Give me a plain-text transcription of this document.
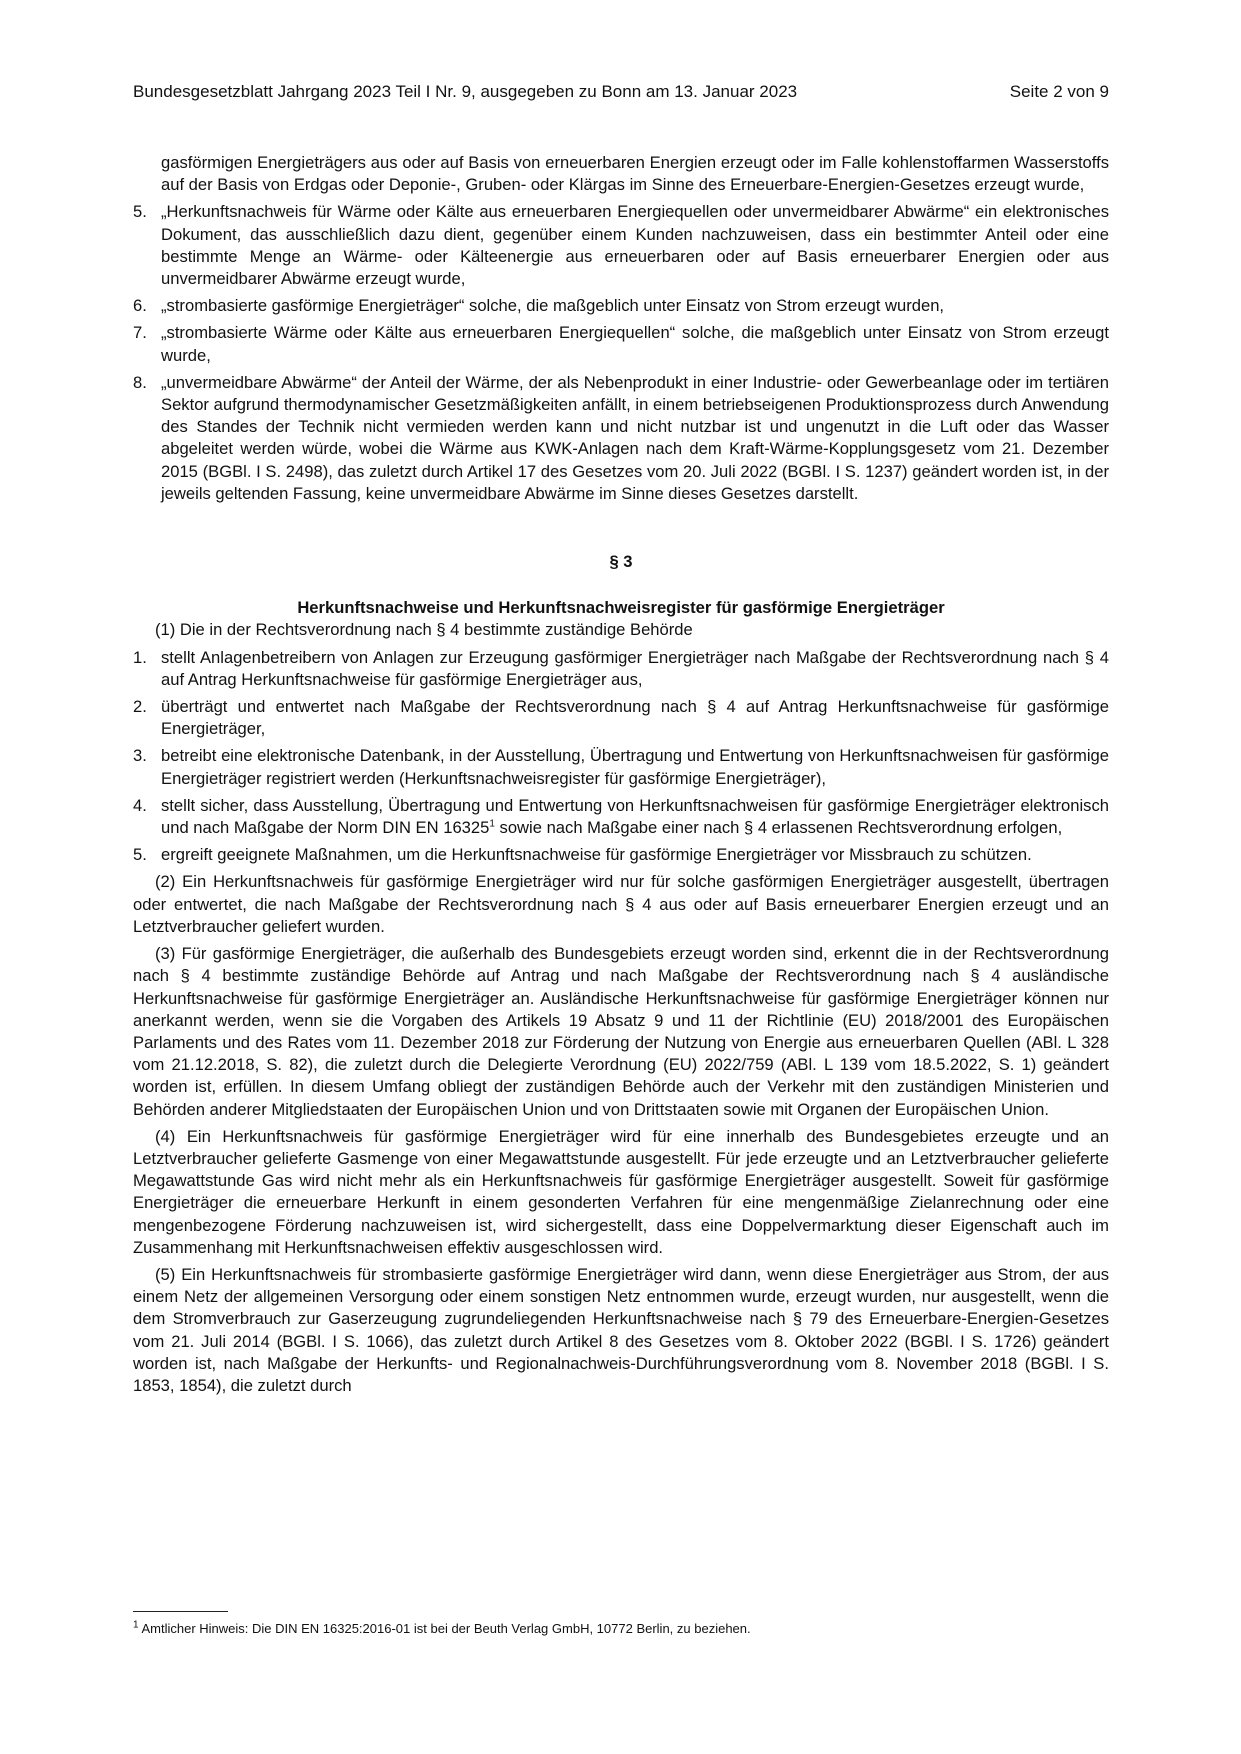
Bundesgesetzblatt Jahrgang 2023 Teil I Nr. 9, ausgegeben zu Bonn am 13. Januar 2023	Seite 2 von 9

gasförmigen Energieträgers aus oder auf Basis von erneuerbaren Energien erzeugt oder im Falle kohlenstoffarmen Wasserstoffs auf der Basis von Erdgas oder Deponie-, Gruben- oder Klärgas im Sinne des Erneuerbare-Energien-Gesetzes erzeugt wurde,

5. „Herkunftsnachweis für Wärme oder Kälte aus erneuerbaren Energiequellen oder unvermeidbarer Abwärme“ ein elektronisches Dokument, das ausschließlich dazu dient, gegenüber einem Kunden nachzuweisen, dass ein bestimmter Anteil oder eine bestimmte Menge an Wärme- oder Kälteenergie aus erneuerbaren oder auf Basis erneuerbarer Energien oder aus unvermeidbarer Abwärme erzeugt wurde,
6. „strombasierte gasförmige Energieträger“ solche, die maßgeblich unter Einsatz von Strom erzeugt wurden,
7. „strombasierte Wärme oder Kälte aus erneuerbaren Energiequellen“ solche, die maßgeblich unter Einsatz von Strom erzeugt wurde,
8. „unvermeidbare Abwärme“ der Anteil der Wärme, der als Nebenprodukt in einer Industrie- oder Gewerbeanlage oder im tertiären Sektor aufgrund thermodynamischer Gesetzmäßigkeiten anfällt, in einem betriebseigenen Produktionsprozess durch Anwendung des Standes der Technik nicht vermieden werden kann und nicht nutzbar ist und ungenutzt in die Luft oder das Wasser abgeleitet werden würde, wobei die Wärme aus KWK-Anlagen nach dem Kraft-Wärme-Kopplungsgesetz vom 21. Dezember 2015 (BGBl. I S. 2498), das zuletzt durch Artikel 17 des Gesetzes vom 20. Juli 2022 (BGBl. I S. 1237) geändert worden ist, in der jeweils geltenden Fassung, keine unvermeidbare Abwärme im Sinne dieses Gesetzes darstellt.
§ 3
Herkunftsnachweise und Herkunftsnachweisregister für gasförmige Energieträger

(1) Die in der Rechtsverordnung nach § 4 bestimmte zuständige Behörde

1. stellt Anlagenbetreibern von Anlagen zur Erzeugung gasförmiger Energieträger nach Maßgabe der Rechtsverordnung nach § 4 auf Antrag Herkunftsnachweise für gasförmige Energieträger aus,
2. überträgt und entwertet nach Maßgabe der Rechtsverordnung nach § 4 auf Antrag Herkunftsnachweise für gasförmige Energieträger,
3. betreibt eine elektronische Datenbank, in der Ausstellung, Übertragung und Entwertung von Herkunftsnachweisen für gasförmige Energieträger registriert werden (Herkunftsnachweisregister für gasförmige Energieträger),
4. stellt sicher, dass Ausstellung, Übertragung und Entwertung von Herkunftsnachweisen für gasförmige Energieträger elektronisch und nach Maßgabe der Norm DIN EN 16325$^1$ sowie nach Maßgabe einer nach § 4 erlassenen Rechtsverordnung erfolgen,
5. ergreift geeignete Maßnahmen, um die Herkunftsnachweise für gasförmige Energieträger vor Missbrauch zu schützen.

(2) Ein Herkunftsnachweis für gasförmige Energieträger wird nur für solche gasförmigen Energieträger ausgestellt, übertragen oder entwertet, die nach Maßgabe der Rechtsverordnung nach § 4 aus oder auf Basis erneuerbarer Energien erzeugt und an Letztverbraucher geliefert wurden.

(3) Für gasförmige Energieträger, die außerhalb des Bundesgebiets erzeugt worden sind, erkennt die in der Rechtsverordnung nach § 4 bestimmte zuständige Behörde auf Antrag und nach Maßgabe der Rechtsverordnung nach § 4 ausländische Herkunftsnachweise für gasförmige Energieträger an. Ausländische Herkunftsnachweise für gasförmige Energieträger können nur anerkannt werden, wenn sie die Vorgaben des Artikels 19 Absatz 9 und 11 der Richtlinie (EU) 2018/2001 des Europäischen Parlaments und des Rates vom 11. Dezember 2018 zur Förderung der Nutzung von Energie aus erneuerbaren Quellen (ABl. L 328 vom 21.12.2018, S. 82), die zuletzt durch die Delegierte Verordnung (EU) 2022/759 (ABl. L 139 vom 18.5.2022, S. 1) geändert worden ist, erfüllen. In diesem Umfang obliegt der zuständigen Behörde auch der Verkehr mit den zuständigen Ministerien und Behörden anderer Mitgliedstaaten der Europäischen Union und von Drittstaaten sowie mit Organen der Europäischen Union.

(4) Ein Herkunftsnachweis für gasförmige Energieträger wird für eine innerhalb des Bundesgebietes erzeugte und an Letztverbraucher gelieferte Gasmenge von einer Megawattstunde ausgestellt. Für jede erzeugte und an Letztverbraucher gelieferte Megawattstunde Gas wird nicht mehr als ein Herkunftsnachweis für gasförmige Energieträger ausgestellt. Soweit für gasförmige Energieträger die erneuerbare Herkunft in einem gesonderten Verfahren für eine mengenmäßige Zielanrechnung oder eine mengenbezogene Förderung nachzuweisen ist, wird sichergestellt, dass eine Doppelvermarktung dieser Eigenschaft auch im Zusammenhang mit Herkunftsnachweisen effektiv ausgeschlossen wird.

(5) Ein Herkunftsnachweis für strombasierte gasförmige Energieträger wird dann, wenn diese Energieträger aus Strom, der aus einem Netz der allgemeinen Versorgung oder einem sonstigen Netz entnommen wurde, erzeugt wurden, nur ausgestellt, wenn die dem Stromverbrauch zur Gaserzeugung zugrundeliegenden Herkunftsnachweise nach § 79 des Erneuerbare-Energien-Gesetzes vom 21. Juli 2014 (BGBl. I S. 1066), das zuletzt durch Artikel 8 des Gesetzes vom 8. Oktober 2022 (BGBl. I S. 1726) geändert worden ist, nach Maßgabe der Herkunfts- und Regionalnachweis-Durchführungsverordnung vom 8. November 2018 (BGBl. I S. 1853, 1854), die zuletzt durch

$^1$ Amtlicher Hinweis: Die DIN EN 16325:2016-01 ist bei der Beuth Verlag GmbH, 10772 Berlin, zu beziehen.
